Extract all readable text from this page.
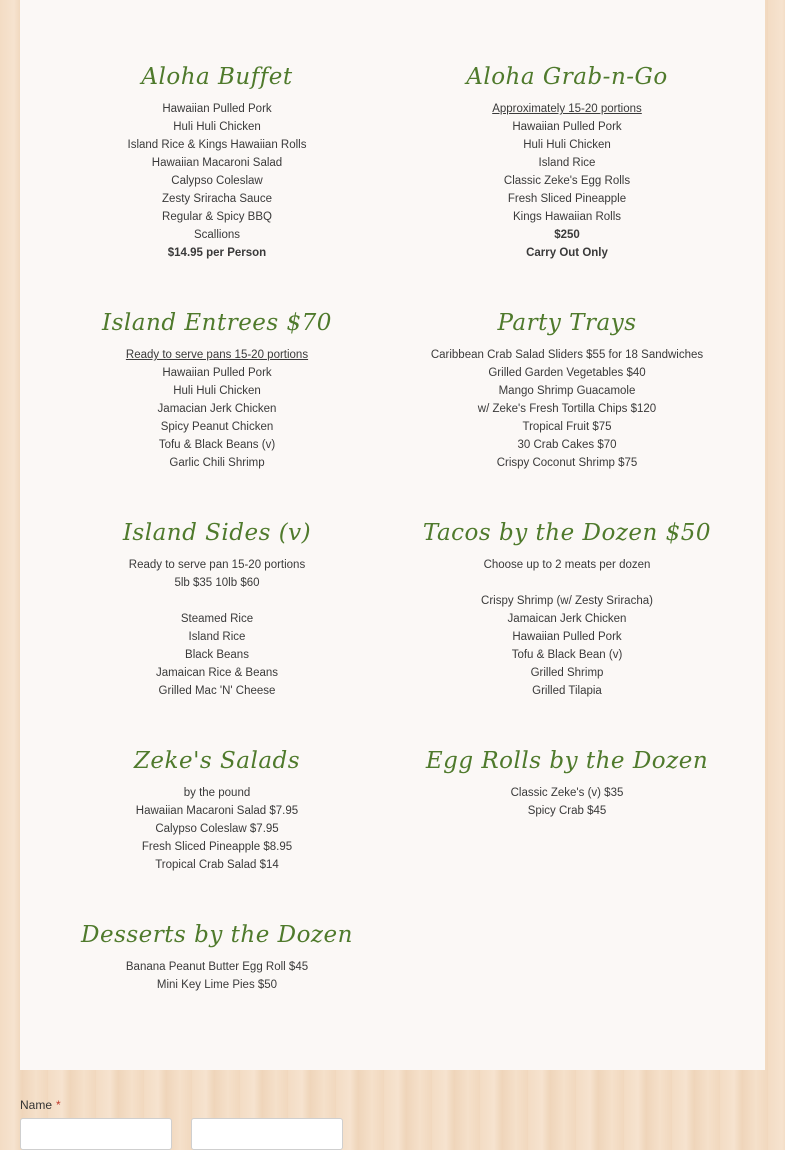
Aloha Buffet
Hawaiian Pulled Pork
Huli Huli Chicken
Island Rice & Kings Hawaiian Rolls
Hawaiian Macaroni Salad
Calypso Coleslaw
Zesty Sriracha Sauce
Regular & Spicy BBQ
Scallions
$14.95 per Person
Aloha Grab-n-Go
Approximately 15-20 portions
Hawaiian Pulled Pork
Huli Huli Chicken
Island Rice
Classic Zeke's Egg Rolls
Fresh Sliced Pineapple
Kings Hawaiian Rolls
$250
Carry Out Only
Island Entrees $70
Ready to serve pans 15-20 portions
Hawaiian Pulled Pork
Huli Huli Chicken
Jamacian Jerk Chicken
Spicy Peanut Chicken
Tofu & Black Beans (v)
Garlic Chili Shrimp
Party Trays
Caribbean Crab Salad Sliders $55 for 18 Sandwiches
Grilled Garden Vegetables $40
Mango Shrimp Guacamole
w/ Zeke's Fresh Tortilla Chips $120
Tropical Fruit $75
30 Crab Cakes $70
Crispy Coconut Shrimp $75
Island Sides (v)
Ready to serve pan 15-20 portions
5lb $35 10lb $60
Steamed Rice
Island Rice
Black Beans
Jamaican Rice & Beans
Grilled Mac 'N' Cheese
Tacos by the Dozen $50
Choose up to 2 meats per dozen
Crispy Shrimp (w/ Zesty Sriracha)
Jamaican Jerk Chicken
Hawaiian Pulled Pork
Tofu & Black Bean (v)
Grilled Shrimp
Grilled Tilapia
Zeke's Salads
by the pound
Hawaiian Macaroni Salad $7.95
Calypso Coleslaw $7.95
Fresh Sliced Pineapple $8.95
Tropical Crab Salad $14
Egg Rolls by the Dozen
Classic Zeke's (v) $35
Spicy Crab $45
Desserts by the Dozen
Banana Peanut Butter Egg Roll $45
Mini Key Lime Pies $50
Name *
